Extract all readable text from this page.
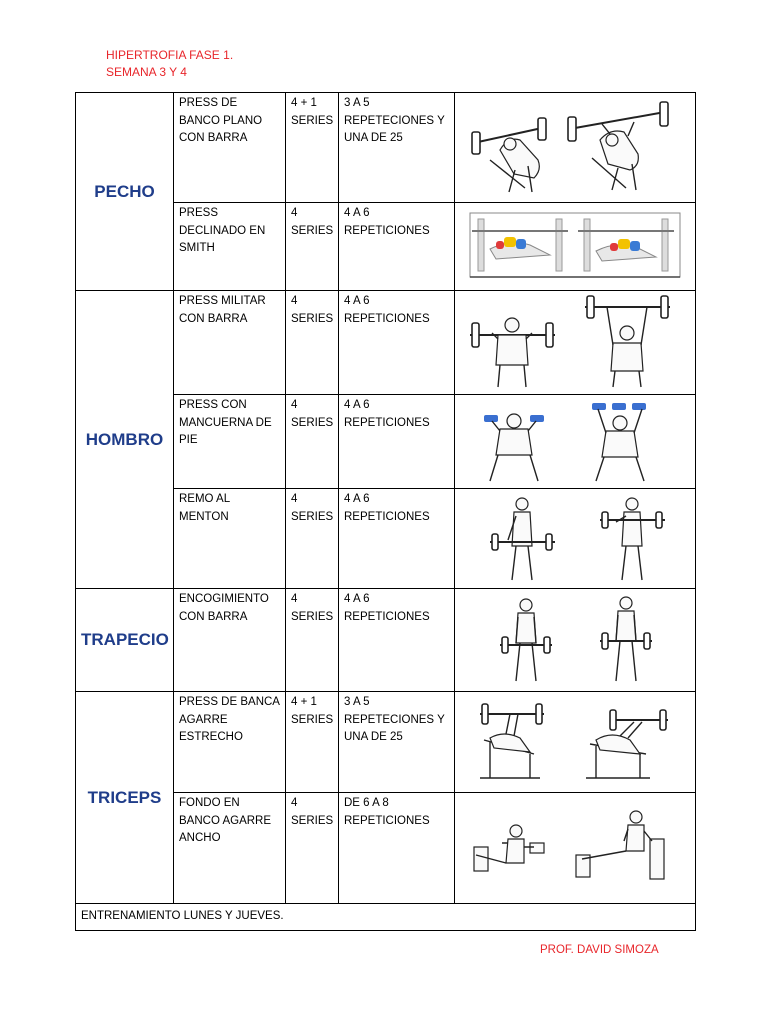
HIPERTROFIA FASE 1.
SEMANA 3 Y 4
PECHO	PRESS DE BANCO PLANO CON BARRA	4 + 1 SERIES	3 A 5 REPETECIONES Y UNA DE 25	

	PRESS DECLINADO EN SMITH	4 SERIES	4 A 6 REPETICIONES	

HOMBRO	PRESS MILITAR CON BARRA	4 SERIES	4 A 6 REPETICIONES	

	PRESS CON MANCUERNA DE PIE	4 SERIES	4 A 6 REPETICIONES	

	REMO AL MENTON	4 SERIES	4 A 6 REPETICIONES	

TRAPECIO	ENCOGIMIENTO CON BARRA	4 SERIES	4 A 6 REPETICIONES	

TRICEPS	PRESS DE BANCA AGARRE ESTRECHO	4 + 1 SERIES	3 A 5 REPETECIONES Y UNA DE 25	

	FONDO EN BANCO AGARRE ANCHO	4 SERIES	DE 6 A 8 REPETICIONES	

ENTRENAMIENTO LUNES Y JUEVES.				
PROF. DAVID SIMOZA
